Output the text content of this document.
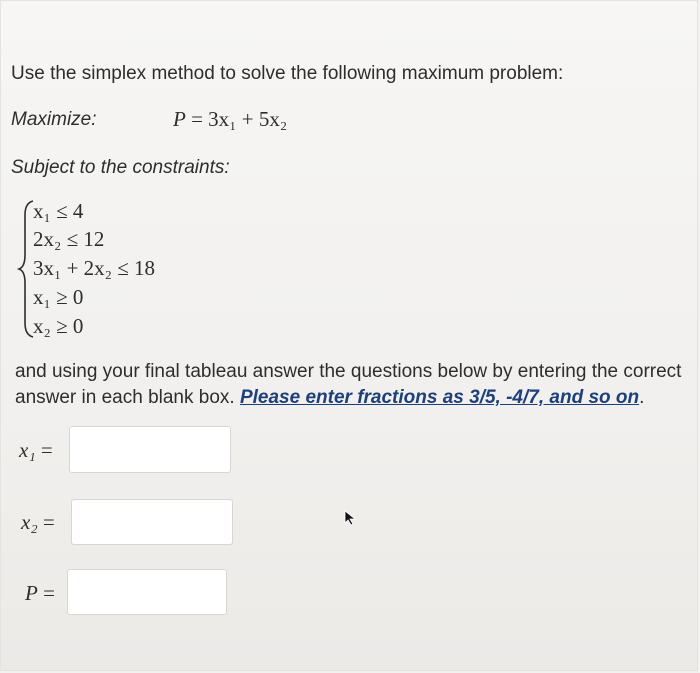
Use the simplex method to solve the following maximum problem:
Maximize:	P = 3x₁ + 5x₂
Subject to the constraints:
x₁ ≤ 4
2x₂ ≤ 12
3x₁ + 2x₂ ≤ 18
x₁ ≥ 0
x₂ ≥ 0
and using your final tableau answer the questions below by entering the correct
answer in each blank box. Please enter fractions as 3/5, -4/7, and so on.
x₁ =
x₂ =
P =
